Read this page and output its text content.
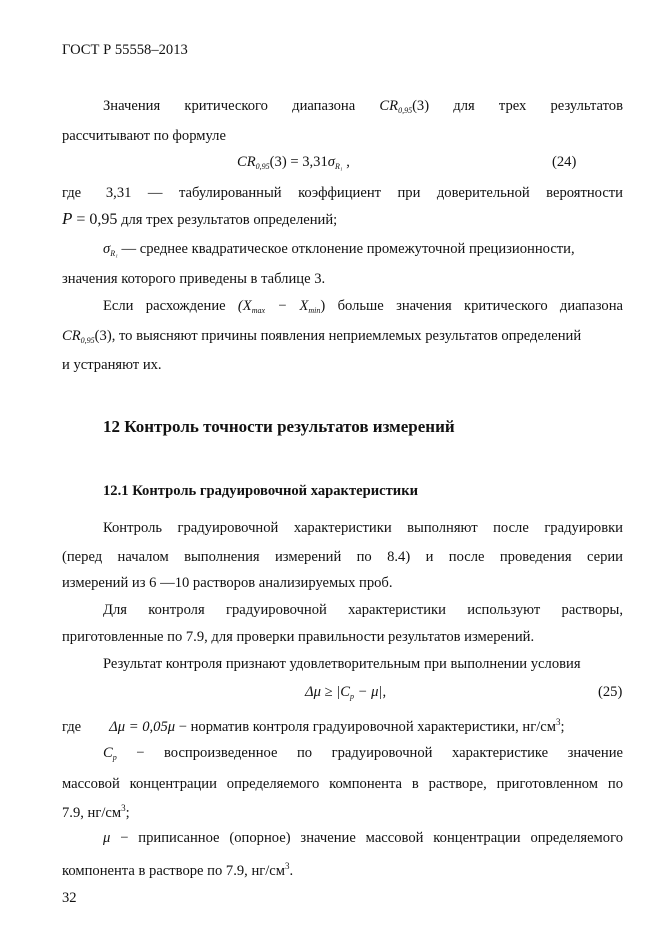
ГОСТ Р 55558–2013
Значения критического диапазона $CR_{0,95}(3)$ для трех результатов
рассчитывают по формуле
$CR_{0,95}(3) = 3,31\sigma_{R_1}$ ,	(24)
где   3,31  —  табулированный  коэффициент  при  доверительной  вероятности
P = 0,95 для трех результатов определений;
$\sigma_{R_1}$ — среднее квадратическое отклонение промежуточной прецизионности,
значения которого приведены в таблице 3.
Если расхождение $(X_{max} - X_{min})$ больше значения критического диапазона
$CR_{0,95}(3)$, то выясняют причины появления неприемлемых результатов определений
и устраняют их.
12 Контроль точности результатов измерений
12.1 Контроль градуировочной характеристики
Контроль градуировочной характеристики выполняют после градуировки
(перед началом выполнения измерений по 8.4) и после проведения серии
измерений из 6 —10 растворов анализируемых проб.
Для контроля градуировочной характеристики используют растворы,
приготовленные по 7.9, для проверки правильности результатов измерений.
Результат контроля признают удовлетворительным при выполнении условия
$\Delta\mu \ge |C_p - \mu|$,	(25)
где Δμ = 0,05μ − норматив контроля градуировочной характеристики, $нг/см^3$;
$C_p$ − воспроизведенное по градуировочной характеристике значение
массовой концентрации определяемого компонента в растворе, приготовленном по
7.9, $нг/см^3$;
μ − приписанное (опорное) значение массовой концентрации определяемого
компонента в растворе по 7.9, $нг/см^3$.
32
